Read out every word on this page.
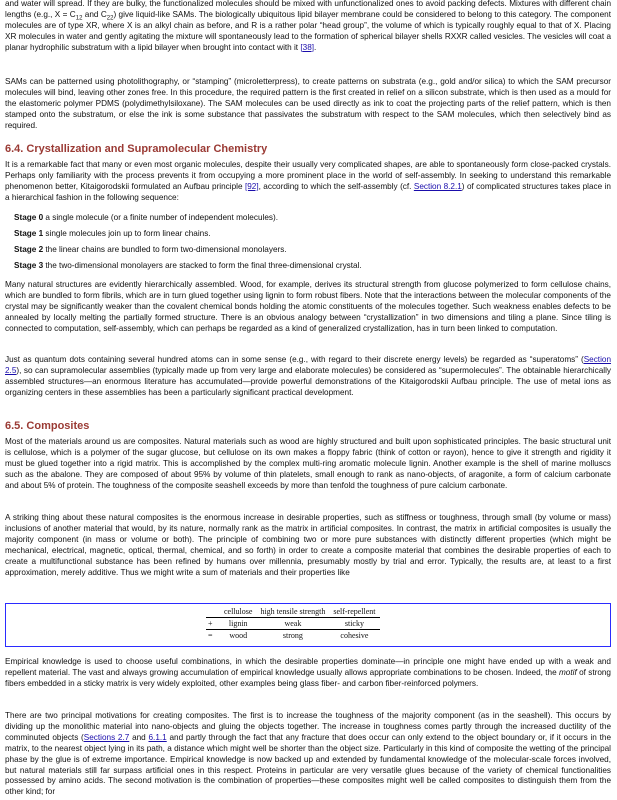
and water will spread. If they are bulky, the functionalized molecules should be mixed with unfunctionalized ones to avoid packing defects. Mixtures with different chain lengths (e.g., $X = C_{12}$ and $C_{22}$) give liquid-like SAMs. The biologically ubiquitous lipid bilayer membrane could be considered to belong to this category. The component molecules are of type XR, where X is an alkyl chain as before, and R is a rather polar “head group”, the volume of which is typically roughly equal to that of X. Placing XR molecules in water and gently agitating the mixture will spontaneously lead to the formation of spherical bilayer shells RXXR called vesicles. The vesicles will coat a planar hydrophilic substratum with a lipid bilayer when brought into contact with it [38].

SAMs can be patterned using photolithography, or “stamping” (microletterpress), to create patterns on substrata (e.g., gold and/or silica) to which the SAM precursor molecules will bind, leaving other zones free. In this procedure, the required pattern is the first created in relief on a silicon substrate, which is then used as a mould for the elastomeric polymer PDMS (polydimethylsiloxane). The SAM molecules can be used directly as ink to coat the projecting parts of the relief pattern, which is then stamped onto the substratum, or else the ink is some substance that passivates the substratum with respect to the SAM molecules, which then selectively bind as required.

6.4. Crystallization and Supramolecular Chemistry

It is a remarkable fact that many or even most organic molecules, despite their usually very complicated shapes, are able to spontaneously form close-packed crystals. Perhaps only familiarity with the process prevents it from occupying a more prominent place in the world of self-assembly. In seeking to understand this remarkable phenomenon better, Kitaigorodskii formulated an Aufbau principle [92], according to which the self-assembly (cf. Section 8.2.1) of complicated structures takes place in a hierarchical fashion in the following sequence:

Stage 0 a single molecule (or a finite number of independent molecules).
Stage 1 single molecules join up to form linear chains.
Stage 2 the linear chains are bundled to form two-dimensional monolayers.
Stage 3 the two-dimensional monolayers are stacked to form the final three-dimensional crystal.

Many natural structures are evidently hierarchically assembled. Wood, for example, derives its structural strength from glucose polymerized to form cellulose chains, which are bundled to form fibrils, which are in turn glued together using lignin to form robust fibers. Note that the interactions between the molecular components of the crystal may be significantly weaker than the covalent chemical bonds holding the atomic constituents of the molecules together. Such weakness enables defects to be annealed by locally melting the partially formed structure. There is an obvious analogy between “crystallization” in two dimensions and tiling a plane. Since tiling is connected to computation, self-assembly, which can perhaps be regarded as a kind of generalized crystallization, has in turn been linked to computation.

Just as quantum dots containing several hundred atoms can in some sense (e.g., with regard to their discrete energy levels) be regarded as “superatoms” (Section 2.5), so can supramolecular assemblies (typically made up from very large and elaborate molecules) be considered as “supermolecules”. The obtainable hierarchically assembled structures—an enormous literature has accumulated—provide powerful demonstrations of the Kitaigorodskii Aufbau principle. The use of metal ions as organizing centers in these assemblies has been a particularly significant practical development.

6.5. Composites

Most of the materials around us are composites. Natural materials such as wood are highly structured and built upon sophisticated principles. The basic structural unit is cellulose, which is a polymer of the sugar glucose, but cellulose on its own makes a floppy fabric (think of cotton or rayon), hence to give it strength and rigidity it must be glued together into a rigid matrix. This is accomplished by the complex multi-ring aromatic molecule lignin. Another example is the shell of marine molluscs such as the abalone. They are composed of about 95% by volume of thin platelets, small enough to rank as nano-objects, of aragonite, a form of calcium carbonate and about 5% of protein. The toughness of the composite seashell exceeds by more than tenfold the toughness of pure calcium carbonate.

A striking thing about these natural composites is the enormous increase in desirable properties, such as stiffness or toughness, through small (by volume or mass) inclusions of another material that would, by its nature, normally rank as the matrix in artificial composites. In contrast, the matrix in artificial composites is usually the majority component (in mass or volume or both). The principle of combining two or more pure substances with distinctly different properties (which might be mechanical, electrical, magnetic, optical, thermal, chemical, and so forth) in order to create a composite material that combines the desirable properties of each to create a multifunctional substance has been refined by humans over millennia, presumably mostly by trial and error. Typically, the results are, at least to a first approximation, merely additive. Thus we might write a sum of materials and their properties like

	cellulose	high tensile strength	self-repellent
+	lignin	weak	sticky
=	wood	strong	cohesive

Empirical knowledge is used to choose useful combinations, in which the desirable properties dominate—in principle one might have ended up with a weak and repellent material. The vast and always growing accumulation of empirical knowledge usually allows appropriate combinations to be chosen. Indeed, the motif of strong fibers embedded in a sticky matrix is very widely exploited, other examples being glass fiber- and carbon fiber-reinforced polymers.

There are two principal motivations for creating composites. The first is to increase the toughness of the majority component (as in the seashell). This occurs by dividing up the monolithic material into nano-objects and gluing the objects together. The increase in toughness comes partly through the increased ductility of the comminuted objects (Sections 2.7 and 6.1.1 and partly through the fact that any fracture that does occur can only extend to the object boundary or, if it occurs in the matrix, to the nearest object lying in its path, a distance which might well be shorter than the object size. Particularly in this kind of composite the wetting of the principal phase by the glue is of extreme importance. Empirical knowledge is now backed up and extended by fundamental knowledge of the molecular-scale forces involved, but natural materials still far surpass artificial ones in this respect. Proteins in particular are very versatile glues because of the variety of chemical functionalities possessed by amino acids. The second motivation is the combination of properties—these composites might well be called composites to distinguish them from the other kind; for
